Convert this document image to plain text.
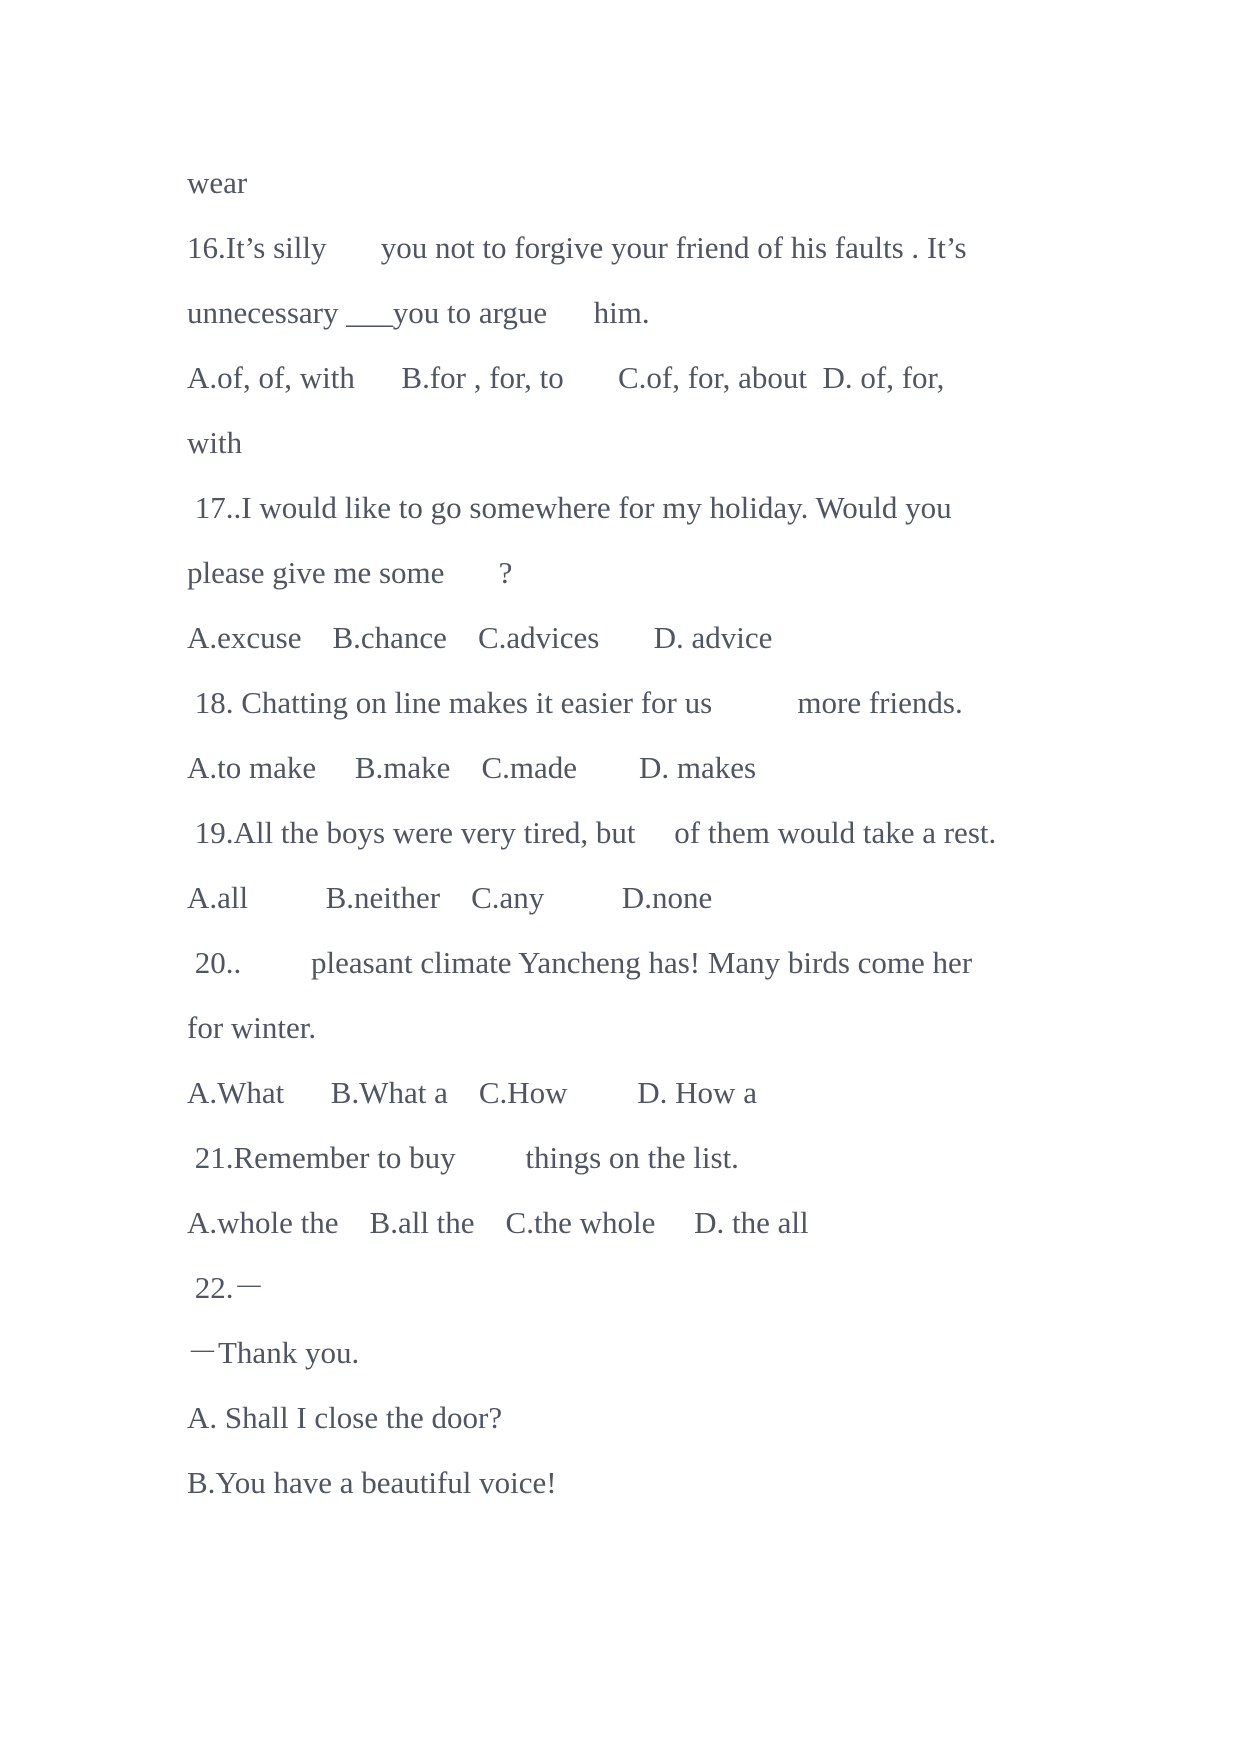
wear
16.It’s silly       you not to forgive your friend of his faults . It’s
unnecessary ___you to argue      him.
A.of, of, with      B.for , for, to       C.of, for, about  D. of, for,
with
17..I would like to go somewhere for my holiday. Would you
please give me some       ?
A.excuse    B.chance    C.advices       D. advice
18. Chatting on line makes it easier for us           more friends.
A.to make     B.make    C.made        D. makes
19.All the boys were very tired, but     of them would take a rest.
A.all          B.neither    C.any          D.none
20..         pleasant climate Yancheng has! Many birds come her
for winter.
A.What      B.What a    C.How         D. How a
21.Remember to buy         things on the list.
A.whole the    B.all the    C.the whole     D. the all
22.－
－Thank you.
A. Shall I close the door?
B.You have a beautiful voice!
